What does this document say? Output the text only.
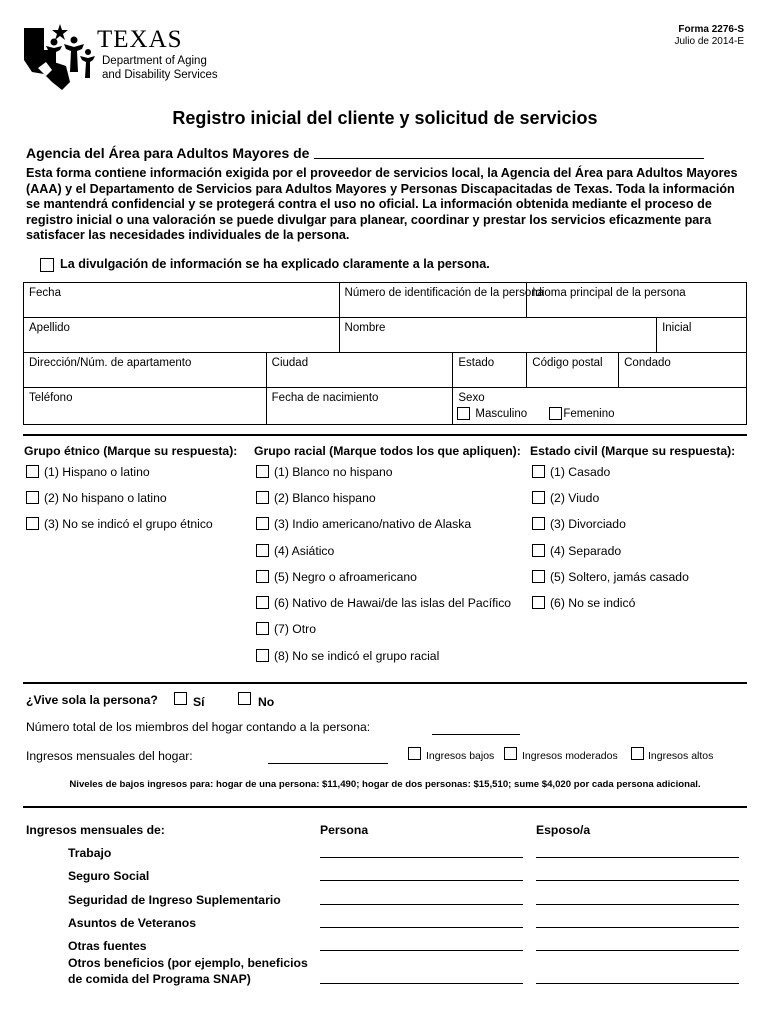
TEXAS
Department of Aging
and Disability Services
Forma 2276-S
Julio de 2014-E
Registro inicial del cliente y solicitud de servicios
Agencia del Área para Adultos Mayores de
Esta forma contiene información exigida por el proveedor de servicios local, la Agencia del Área para Adultos Mayores (AAA) y el Departamento de Servicios para Adultos Mayores y Personas Discapacitadas de Texas. Toda la información se mantendrá confidencial y se protegerá contra el uso no oficial. La información obtenida mediante el proceso de registro inicial o una valoración se puede divulgar para planear, coordinar y prestar los servicios eficazmente para satisfacer las necesidades individuales de la persona.
La divulgación de información se ha explicado claramente a la persona.
Fecha		Número de identificación de la persona		Idioma principal de la persona		

Apellido		Nombre				Inicial

Dirección/Núm. de apartamento	Ciudad		Estado	Código postal	Condado	

Teléfono	Fecha de nacimiento		Sexo
Masculino Femenino			
Grupo étnico (Marque su respuesta): Grupo racial (Marque todos los que apliquen): Estado civil (Marque su respuesta):
(1) Hispano o latino
(2) No hispano o latino
(3) No se indicó el grupo étnico
(1) Blanco no hispano
(2) Blanco hispano
(3) Indio americano/nativo de Alaska
(4) Asiático
(5) Negro o afroamericano
(6) Nativo de Hawai/de las islas del Pacífico
(7) Otro
(8) No se indicó el grupo racial
(1) Casado
(2) Viudo
(3) Divorciado
(4) Separado
(5) Soltero, jamás casado
(6) No se indicó
¿Vive sola la persona?	Sí	No
Número total de los miembros del hogar contando a la persona:
Ingresos mensuales del hogar:	Ingresos bajos	Ingresos moderados	Ingresos altos
Niveles de bajos ingresos para: hogar de una persona: $11,490; hogar de dos personas: $15,510; sume $4,020 por cada persona adicional.
Ingresos mensuales de:	Persona	Esposo/a
Trabajo
Seguro Social
Seguridad de Ingreso Suplementario
Asuntos de Veteranos
Otras fuentes
Otros beneficios (por ejemplo, beneficios de comida del Programa SNAP)
